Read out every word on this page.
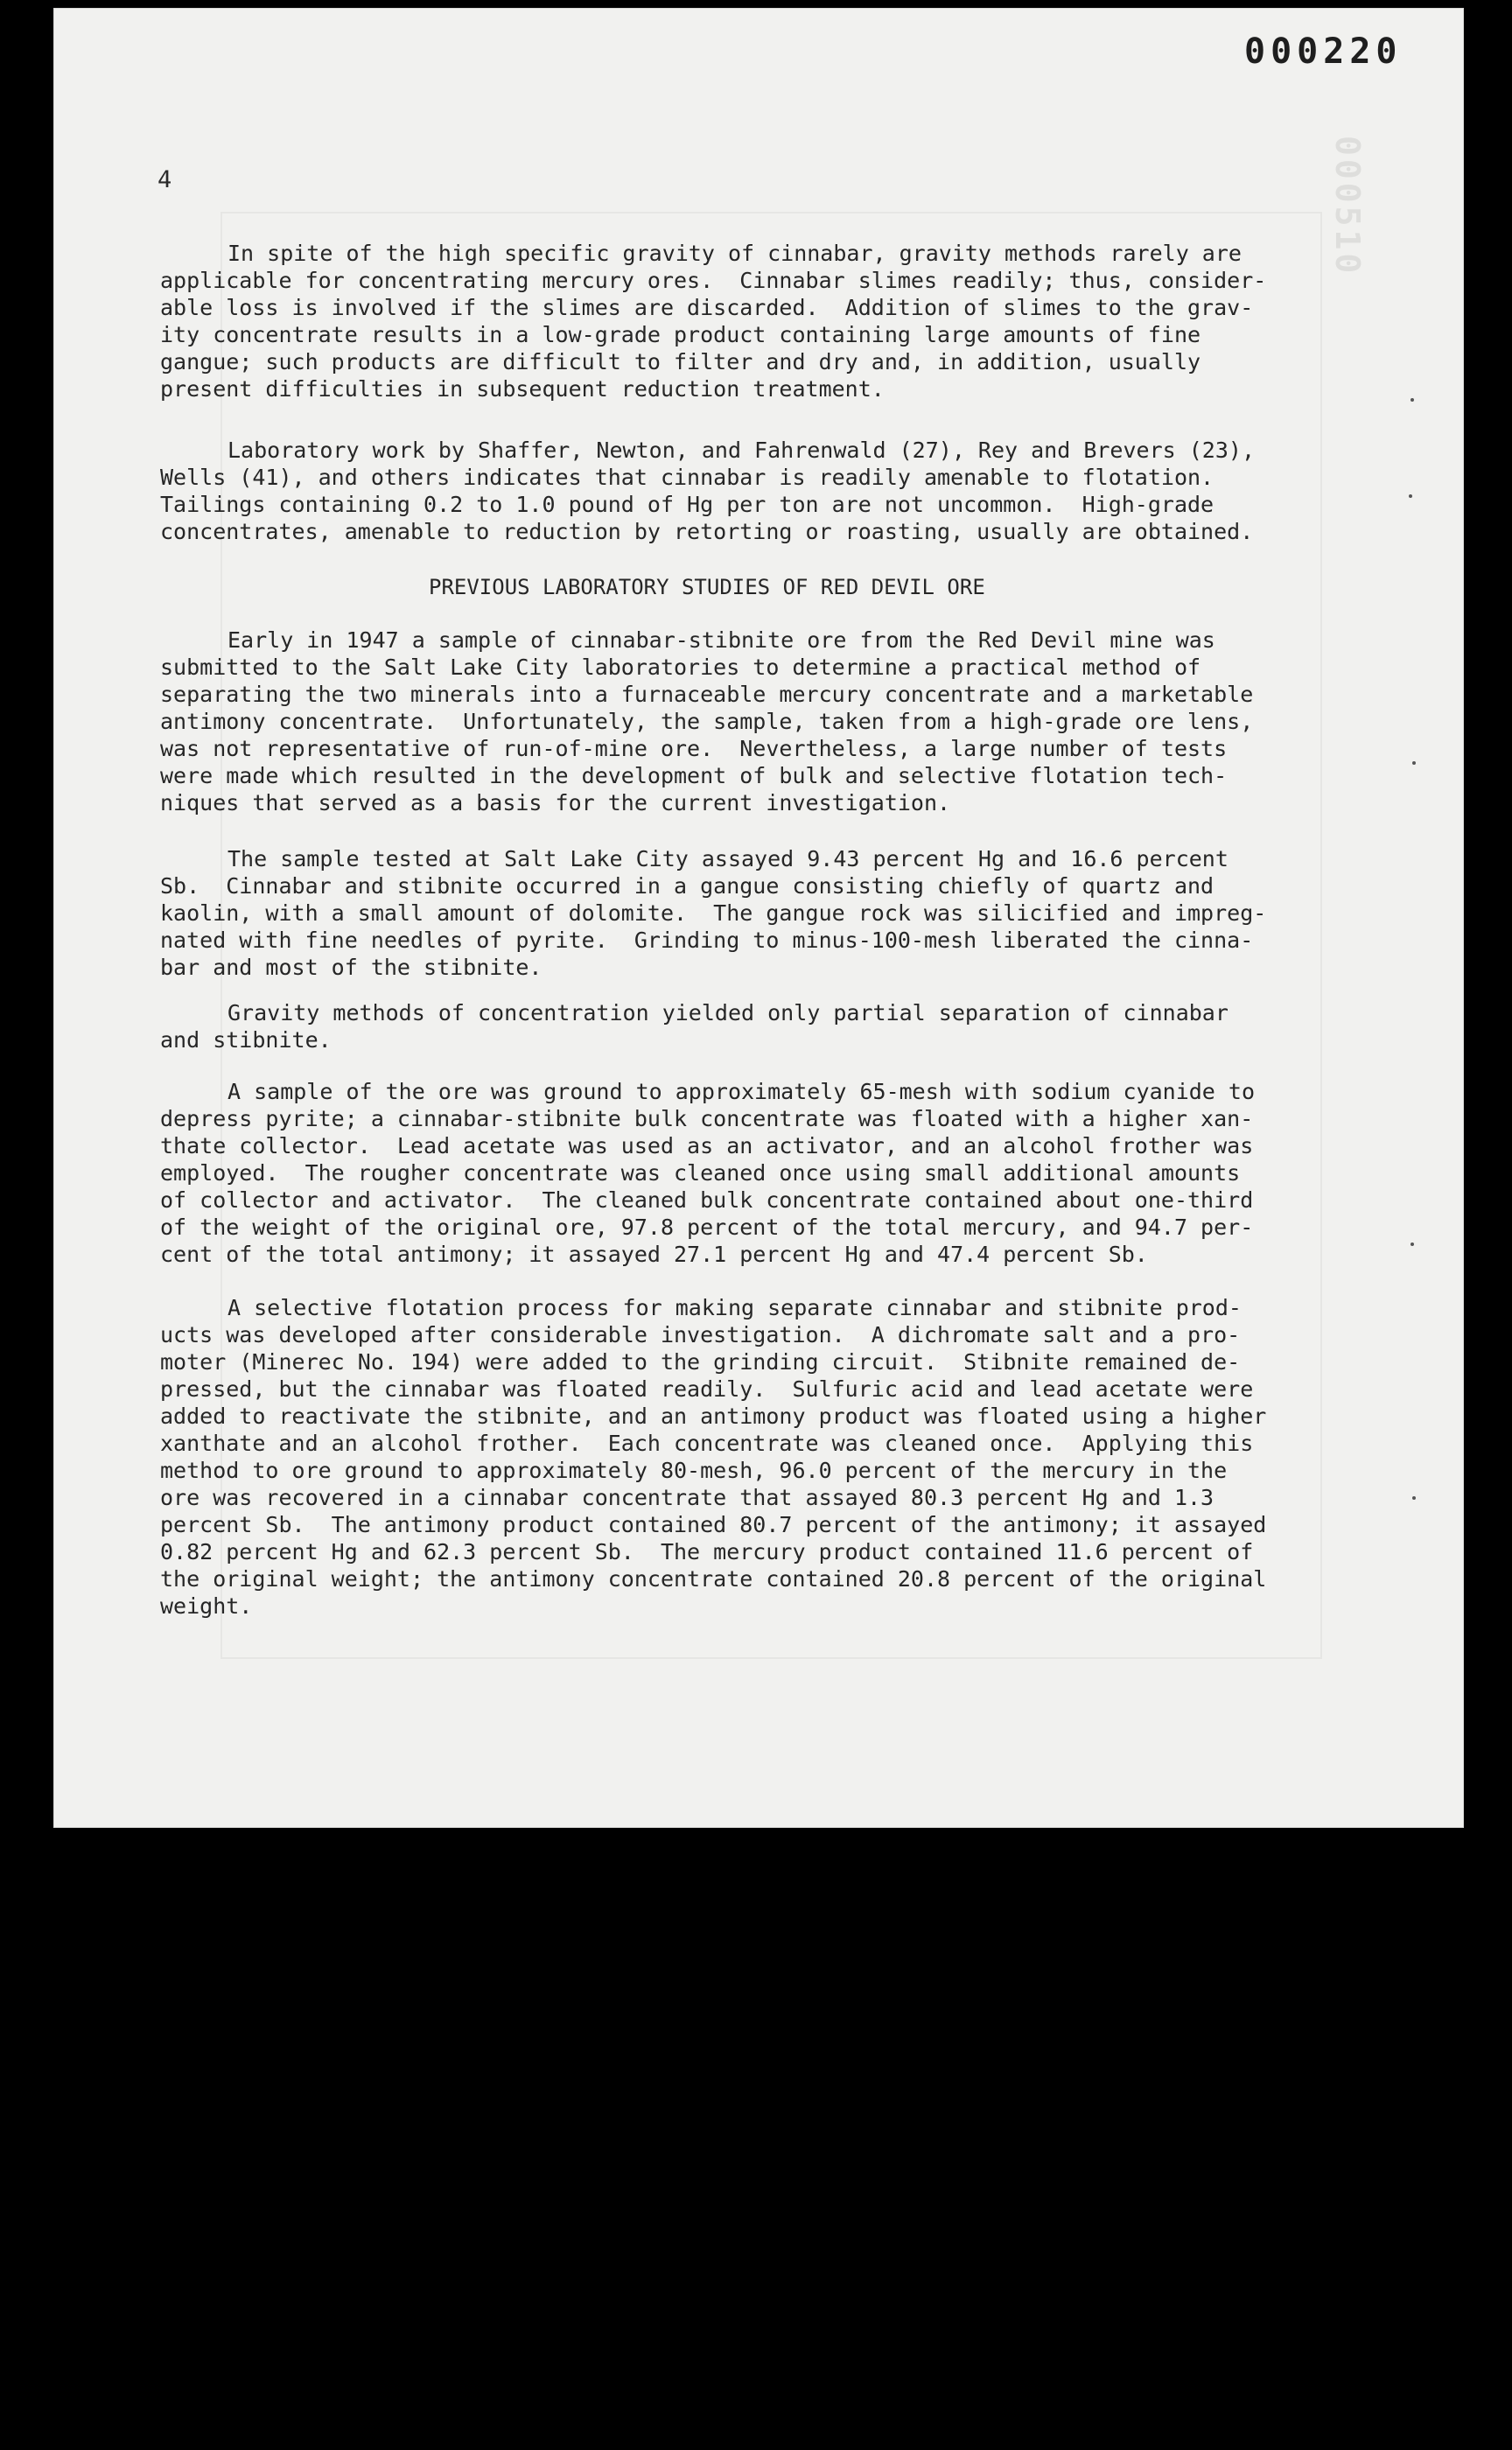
000220
000510
4
In spite of the high specific gravity of cinnabar, gravity methods rarely are
applicable for concentrating mercury ores.  Cinnabar slimes readily; thus, consider-
able loss is involved if the slimes are discarded.  Addition of slimes to the grav-
ity concentrate results in a low-grade product containing large amounts of fine
gangue; such products are difficult to filter and dry and, in addition, usually
present difficulties in subsequent reduction treatment.
Laboratory work by Shaffer, Newton, and Fahrenwald (27), Rey and Brevers (23),
Wells (41), and others indicates that cinnabar is readily amenable to flotation.
Tailings containing 0.2 to 1.0 pound of Hg per ton are not uncommon.  High-grade
concentrates, amenable to reduction by retorting or roasting, usually are obtained.
PREVIOUS LABORATORY STUDIES OF RED DEVIL ORE
Early in 1947 a sample of cinnabar-stibnite ore from the Red Devil mine was
submitted to the Salt Lake City laboratories to determine a practical method of
separating the two minerals into a furnaceable mercury concentrate and a marketable
antimony concentrate.  Unfortunately, the sample, taken from a high-grade ore lens,
was not representative of run-of-mine ore.  Nevertheless, a large number of tests
were made which resulted in the development of bulk and selective flotation tech-
niques that served as a basis for the current investigation.
The sample tested at Salt Lake City assayed 9.43 percent Hg and 16.6 percent
Sb.  Cinnabar and stibnite occurred in a gangue consisting chiefly of quartz and
kaolin, with a small amount of dolomite.  The gangue rock was silicified and impreg-
nated with fine needles of pyrite.  Grinding to minus-100-mesh liberated the cinna-
bar and most of the stibnite.
Gravity methods of concentration yielded only partial separation of cinnabar
and stibnite.
A sample of the ore was ground to approximately 65-mesh with sodium cyanide to
depress pyrite; a cinnabar-stibnite bulk concentrate was floated with a higher xan-
thate collector.  Lead acetate was used as an activator, and an alcohol frother was
employed.  The rougher concentrate was cleaned once using small additional amounts
of collector and activator.  The cleaned bulk concentrate contained about one-third
of the weight of the original ore, 97.8 percent of the total mercury, and 94.7 per-
cent of the total antimony; it assayed 27.1 percent Hg and 47.4 percent Sb.
A selective flotation process for making separate cinnabar and stibnite prod-
ucts was developed after considerable investigation.  A dichromate salt and a pro-
moter (Minerec No. 194) were added to the grinding circuit.  Stibnite remained de-
pressed, but the cinnabar was floated readily.  Sulfuric acid and lead acetate were
added to reactivate the stibnite, and an antimony product was floated using a higher
xanthate and an alcohol frother.  Each concentrate was cleaned once.  Applying this
method to ore ground to approximately 80-mesh, 96.0 percent of the mercury in the
ore was recovered in a cinnabar concentrate that assayed 80.3 percent Hg and 1.3
percent Sb.  The antimony product contained 80.7 percent of the antimony; it assayed
0.82 percent Hg and 62.3 percent Sb.  The mercury product contained 11.6 percent of
the original weight; the antimony concentrate contained 20.8 percent of the original
weight.
